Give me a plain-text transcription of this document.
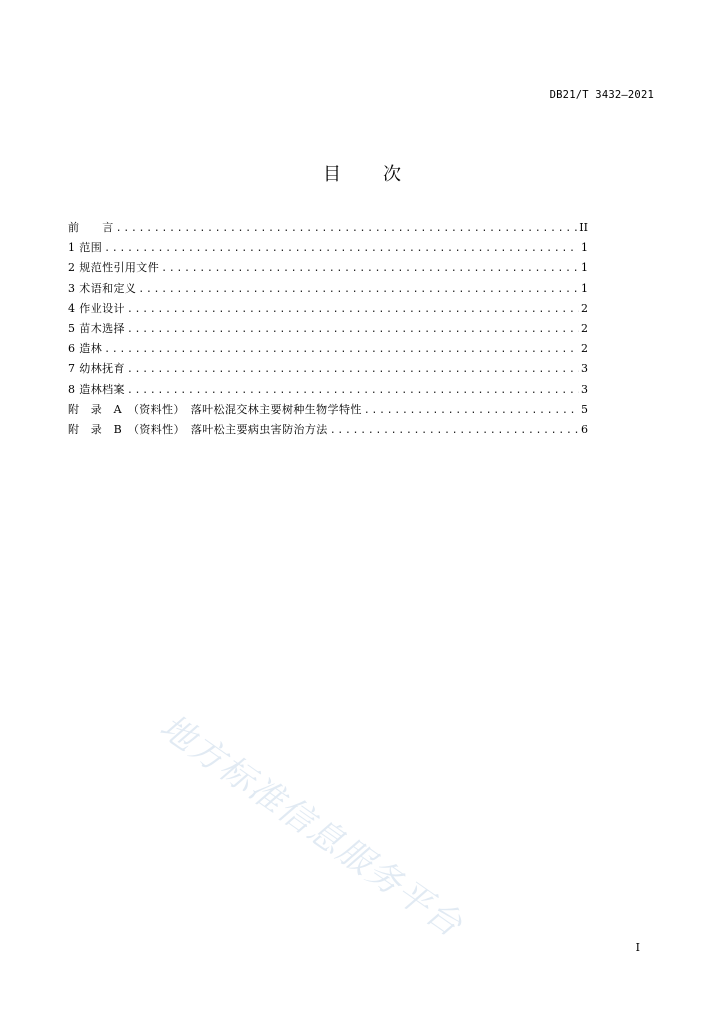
DB21/T 3432—2021
目 次
前　　言 .....	II
1 范围 .....	1
2 规范性引用文件 .....	1
3 术语和定义 .....	1
4 作业设计 .....	2
5 苗木选择 .....	2
6 造林 .....	2
7 幼林抚育 .....	3
8 造林档案 .....	3
附　录　A　（资料性）　落叶松混交林主要树种生物学特性 .....	5
附　录　B　（资料性）　落叶松主要病虫害防治方法 .....	6
地方标准信息服务平台
I
